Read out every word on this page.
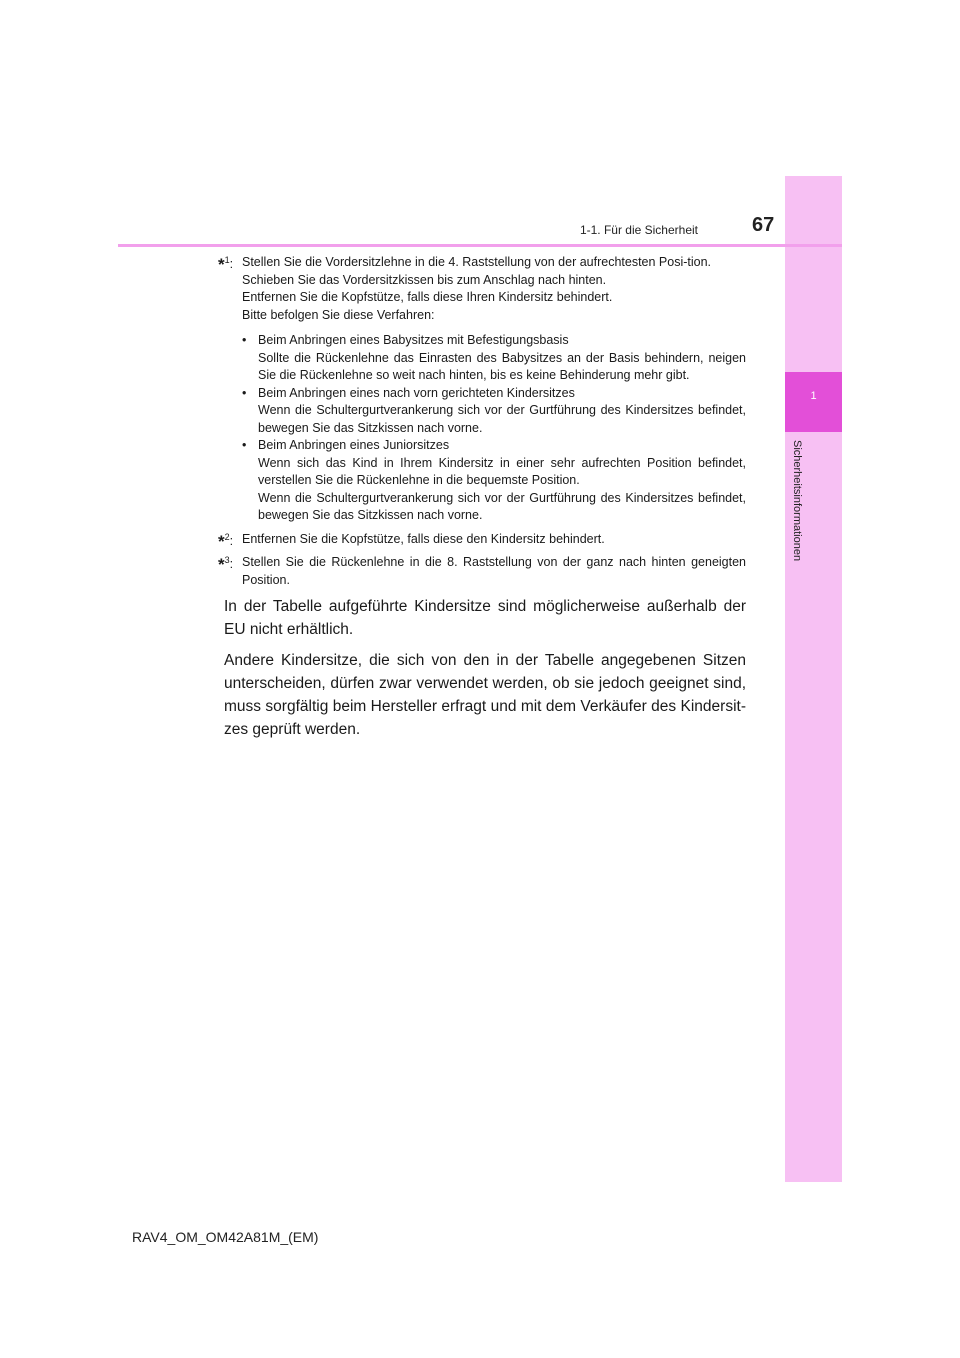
1
Sicherheitsinformationen
1-1. Für die Sicherheit	67
*$^1$: Stellen Sie die Vordersitzlehne in die 4. Raststellung von der aufrechtesten Posi-tion.

Schieben Sie das Vordersitzkissen bis zum Anschlag nach hinten.

Entfernen Sie die Kopfstütze, falls diese Ihren Kindersitz behindert.

Bitte befolgen Sie diese Verfahren:

• Beim Anbringen eines Babysitzes mit Befestigungsbasis

Sollte die Rückenlehne das Einrasten des Babysitzes an der Basis behindern, neigen Sie die Rückenlehne so weit nach hinten, bis es keine Behinderung mehr gibt.

• Beim Anbringen eines nach vorn gerichteten Kindersitzes

Wenn die Schultergurtverankerung sich vor der Gurtführung des Kindersitzes befindet, bewegen Sie das Sitzkissen nach vorne.

• Beim Anbringen eines Juniorsitzes

Wenn sich das Kind in Ihrem Kindersitz in einer sehr aufrechten Position befindet, verstellen Sie die Rückenlehne in die bequemste Position.

Wenn die Schultergurtverankerung sich vor der Gurtführung des Kindersitzes befindet, bewegen Sie das Sitzkissen nach vorne.

*$^2$: Entfernen Sie die Kopfstütze, falls diese den Kindersitz behindert.

*$^3$: Stellen Sie die Rückenlehne in die 8. Raststellung von der ganz nach hinten geneigten Position.

In der Tabelle aufgeführte Kindersitze sind möglicherweise außerhalb der EU nicht erhältlich.

Andere Kindersitze, die sich von den in der Tabelle angegebenen Sitzen unterscheiden, dürfen zwar verwendet werden, ob sie jedoch geeignet sind, muss sorgfältig beim Hersteller erfragt und mit dem Verkäufer des Kindersit-zes geprüft werden.

RAV4_OM_OM42A81M_(EM)
